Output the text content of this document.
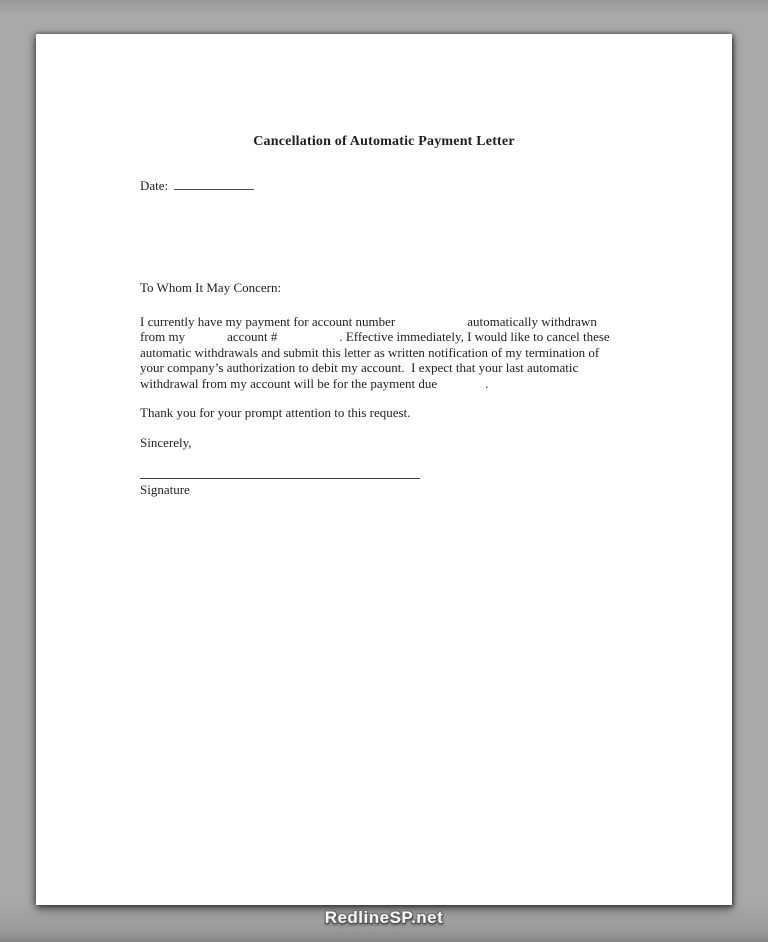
Cancellation of Automatic Payment Letter
Date:

To Whom It May Concern:

I currently have my payment for account number	automatically withdrawn
from my	account #	. Effective immediately, I would like to cancel these
automatic withdrawals and submit this letter as written notification of my termination of
your company’s authorization to debit my account.  I expect that your last automatic
withdrawal from my account will be for the payment due	.

Thank you for your prompt attention to this request.

Sincerely,

Signature

RedlineSP.net
